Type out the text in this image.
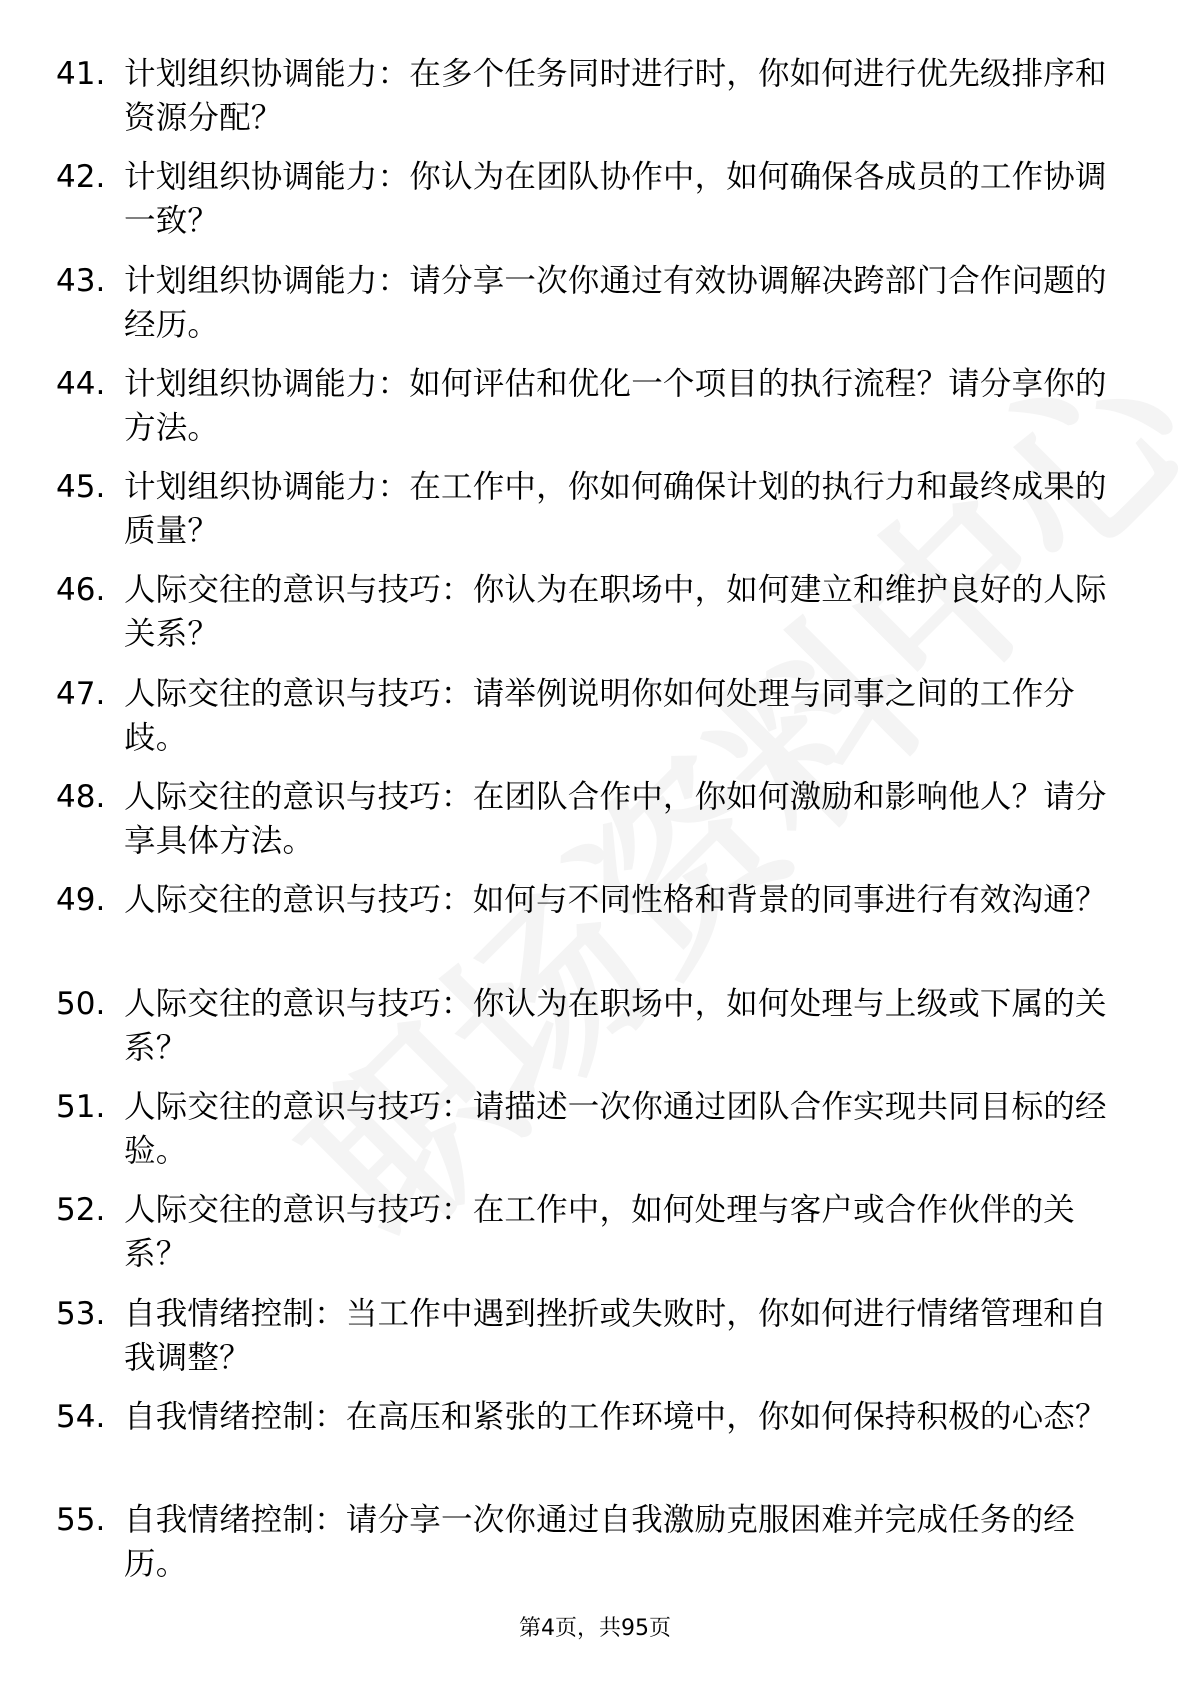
41. 计划组织协调能力：在多个任务同时进行时，你如何进行优先级排序和资源分配？
42. 计划组织协调能力：你认为在团队协作中，如何确保各成员的工作协调一致？
43. 计划组织协调能力：请分享一次你通过有效协调解决跨部门合作问题的经历。
44. 计划组织协调能力：如何评估和优化一个项目的执行流程？请分享你的方法。
45. 计划组织协调能力：在工作中，你如何确保计划的执行力和最终成果的质量？
46. 人际交往的意识与技巧：你认为在职场中，如何建立和维护良好的人际关系？
47. 人际交往的意识与技巧：请举例说明你如何处理与同事之间的工作分歧。
48. 人际交往的意识与技巧：在团队合作中，你如何激励和影响他人？请分享具体方法。
49. 人际交往的意识与技巧：如何与不同性格和背景的同事进行有效沟通？
50. 人际交往的意识与技巧：你认为在职场中，如何处理与上级或下属的关系？
51. 人际交往的意识与技巧：请描述一次你通过团队合作实现共同目标的经验。
52. 人际交往的意识与技巧：在工作中，如何处理与客户或合作伙伴的关系？
53. 自我情绪控制：当工作中遇到挫折或失败时，你如何进行情绪管理和自我调整？
54. 自我情绪控制：在高压和紧张的工作环境中，你如何保持积极的心态？
55. 自我情绪控制：请分享一次你通过自我激励克服困难并完成任务的经历。
第4页，共95页
